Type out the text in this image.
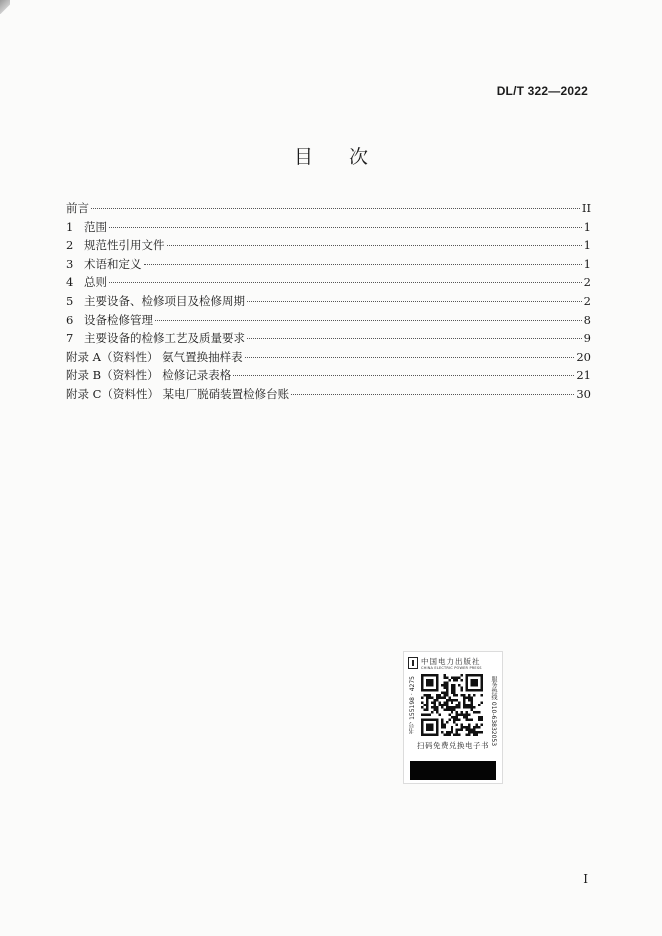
DL/T 322—2022
目次
前言	II
1 范围	1
2 规范性引用文件	1
3 术语和定义	1
4 总则	2
5 主要设备、检修项目及检修周期	2
6 设备检修管理	8
7 主要设备的检修工艺及质量要求	9
附录 A（资料性） 氨气置换抽样表	20
附录 B（资料性） 检修记录表格	21
附录 C（资料性） 某电厂脱硝装置检修台账	30
中国电力出版社
CHINA ELECTRIC POWER PRESS
书号 155198 · 4275	服务热线 010-63832053
扫码免费兑换电子书
I
